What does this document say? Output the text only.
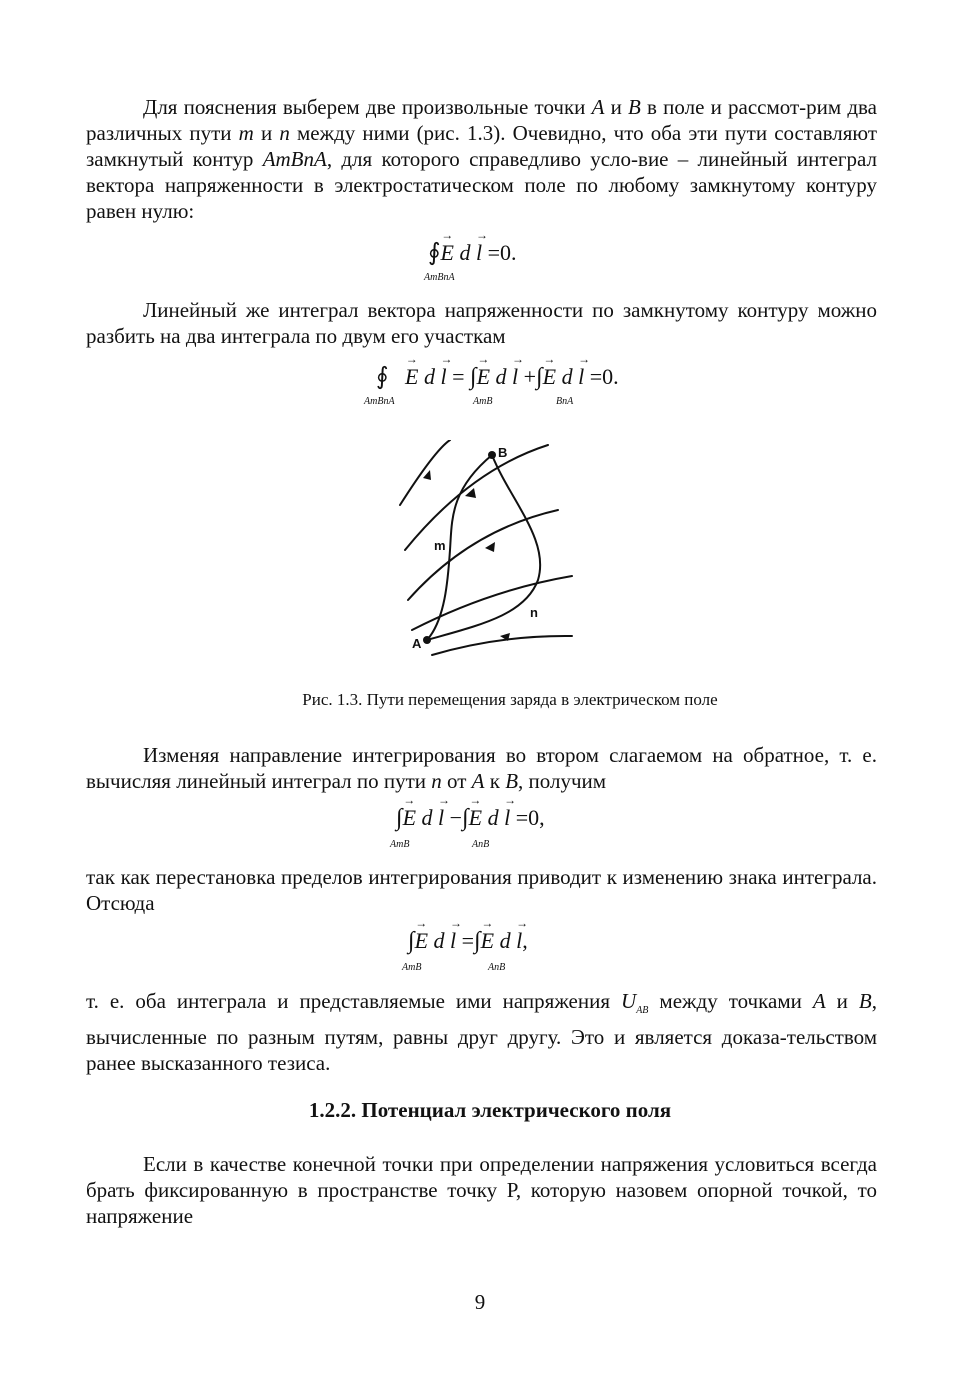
Для пояснения выберем две произвольные точки A и B в поле и рассмот-рим два различных пути m и n между ними (рис. 1.3). Очевидно, что оба эти пути составляют замкнутый контур AmBnA, для которого справедливо усло-вие – линейный интеграл вектора напряженности в электростатическом поле по любому замкнутому контуру равен нулю:

∮→ E d → l =0.
AmBnA

Линейный же интеграл вектора напряженности по замкнутому контуру можно разбить на два интеграла по двум его участкам

∮ → E d → l = ∫→ E d → l +∫→ E d → l =0.
AmBnA	AmB	BnA
A
B
m
n
Рис. 1.3. Пути перемещения заряда в электрическом поле

Изменяя направление интегрирования во втором слагаемом на обратное, т. е. вычисляя линейный интеграл по пути n от A к B, получим

∫→ E d → l −∫→ E d → l =0,
AmB	AnB

так как перестановка пределов интегрирования приводит к изменению знака интеграла. Отсюда

∫→ E d → l =∫→ E d → l,
AmB	AnB

т. е. оба интеграла и представляемые ими напряжения $U_{AB}$ между точками A и B, вычисленные по разным путям, равны друг другу. Это и является доказа-тельством ранее высказанного тезиса.

1.2.2. Потенциал электрического поля

Если в качестве конечной точки при определении напряжения условиться всегда брать фиксированную в пространстве точку Р, которую назовем опорной точкой, то напряжение

9
